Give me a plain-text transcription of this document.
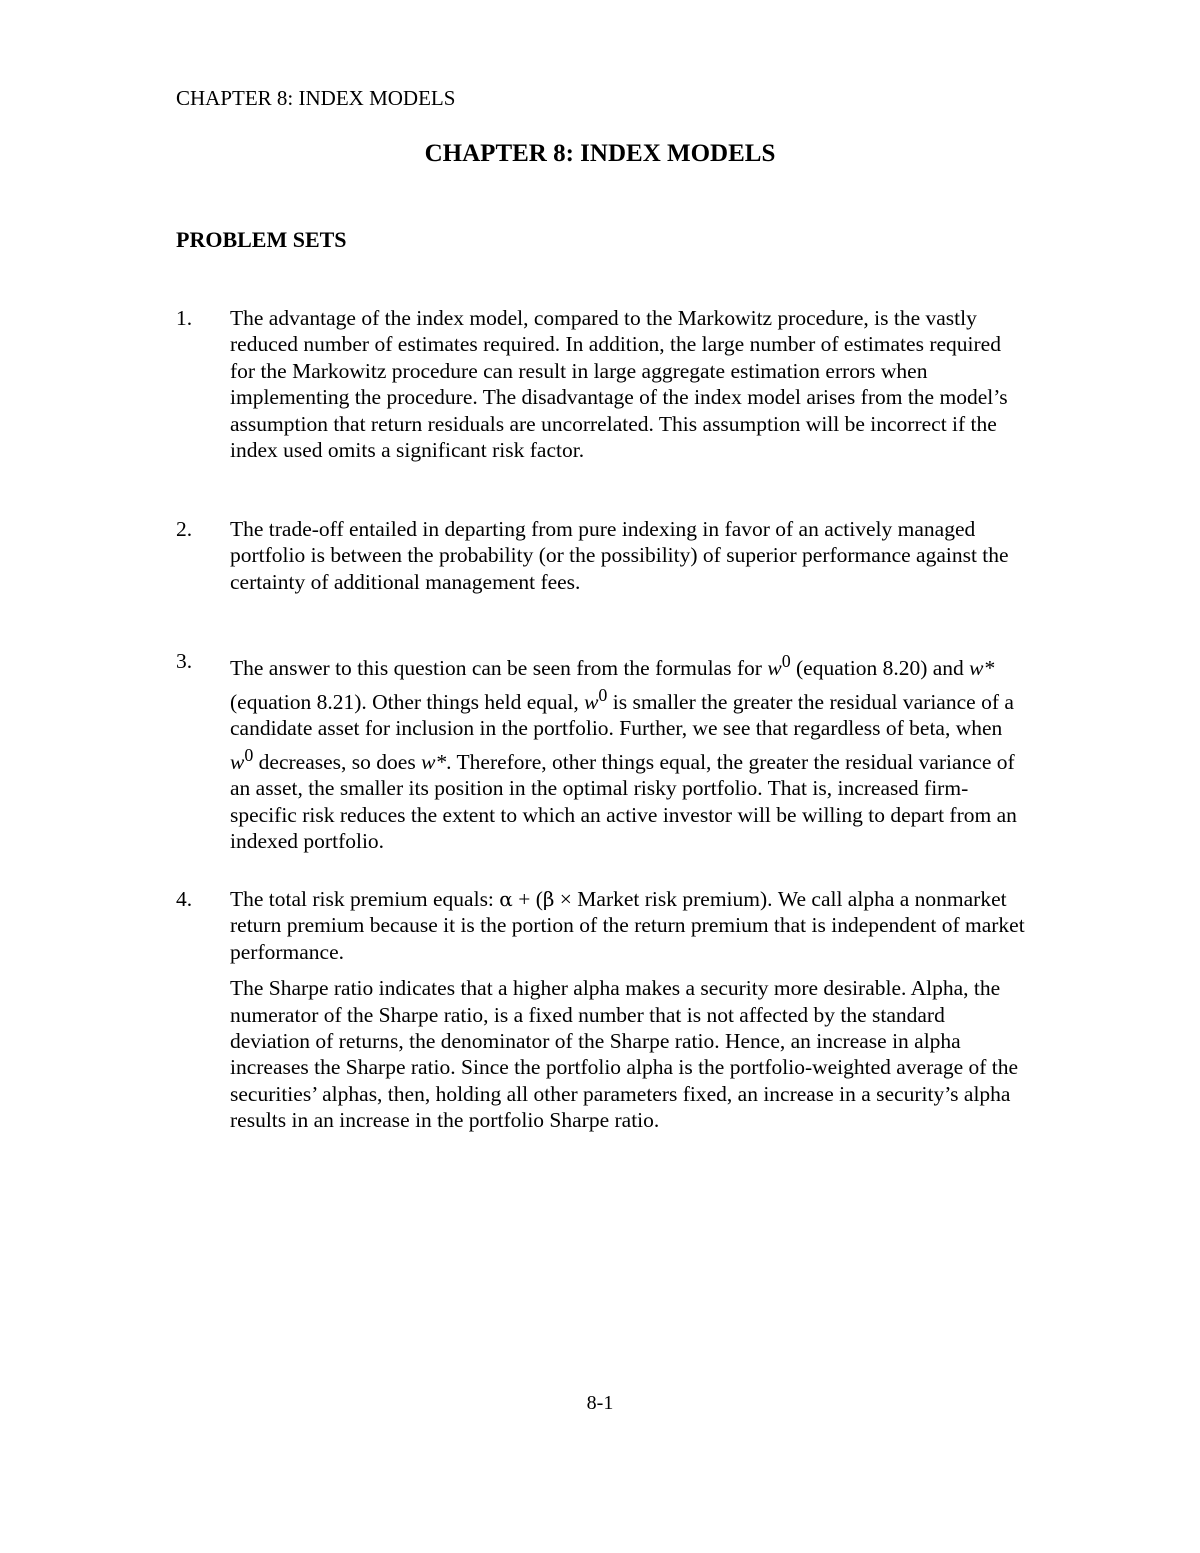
CHAPTER 8: INDEX MODELS

CHAPTER 8: INDEX MODELS
PROBLEM SETS
1. The advantage of the index model, compared to the Markowitz procedure, is the vastly reduced number of estimates required. In addition, the large number of estimates required for the Markowitz procedure can result in large aggregate estimation errors when implementing the procedure. The disadvantage of the index model arises from the model’s assumption that return residuals are uncorrelated. This assumption will be incorrect if the index used omits a significant risk factor.

2. The trade-off entailed in departing from pure indexing in favor of an actively managed portfolio is between the probability (or the possibility) of superior performance against the certainty of additional management fees.

3. The answer to this question can be seen from the formulas for $w^0$ (equation 8.20) and w* (equation 8.21). Other things held equal, $w^0$ is smaller the greater the residual variance of a candidate asset for inclusion in the portfolio. Further, we see that regardless of beta, when $w^0$ decreases, so does w*. Therefore, other things equal, the greater the residual variance of an asset, the smaller its position in the optimal risky portfolio. That is, increased firm-specific risk reduces the extent to which an active investor will be willing to depart from an indexed portfolio.

4. The total risk premium equals: α + (β × Market risk premium). We call alpha a nonmarket return premium because it is the portion of the return premium that is independent of market performance.

The Sharpe ratio indicates that a higher alpha makes a security more desirable. Alpha, the numerator of the Sharpe ratio, is a fixed number that is not affected by the standard deviation of returns, the denominator of the Sharpe ratio. Hence, an increase in alpha increases the Sharpe ratio. Since the portfolio alpha is the portfolio-weighted average of the securities’ alphas, then, holding all other parameters fixed, an increase in a security’s alpha results in an increase in the portfolio Sharpe ratio.

8-1
